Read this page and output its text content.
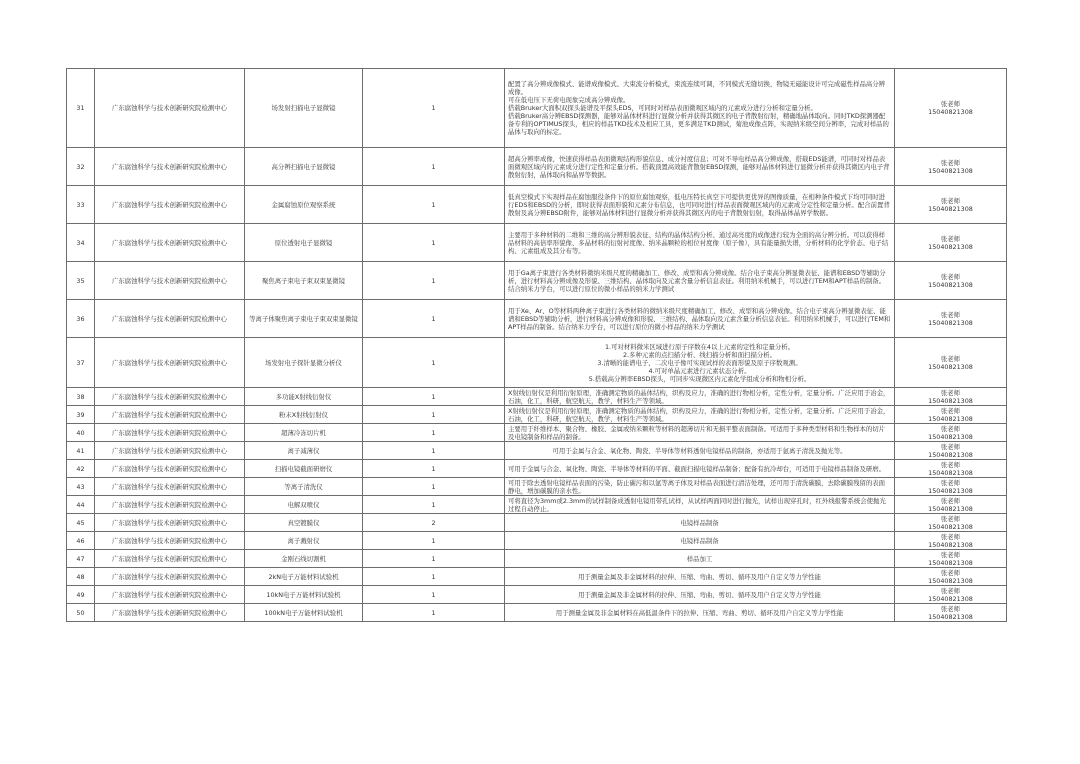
31	广东腐蚀科学与技术创新研究院检测中心	场发射扫描电子显微镜	1	配置了高分辨成像模式、能谱成像模式、大束流分析模式，束流连续可调，不同模式无缝切换，物镜无磁能设计可完成磁性样品高分辨成像。
可在低电压下无荷电现象完成高分辨成像。
搭载Bruker大面积双探头能谱及平探头EDS，可同时对样品表面微观区域内的元素成分进行分析和定量分析。
搭载Bruker高分辨EBSD探测器，能够对晶体材料进行显微分析并获得其微区的电子背散射衍射，精确地晶体取向。同时TKD探测器配备专利的OPTIMUS探头，相应的样品TKD技术及相应工具，更多满足TKD测试，菊池成像点阵，实现纳米级空间分辨率，完成对样品的晶体与取向的标定。	张老师
15040821308

32	广东腐蚀科学与技术创新研究院检测中心	高分辨扫描电子显微镜	1	超高分辨率成像，快速获得样品表面微观结构形貌信息、成分衬度信息；可对不导电样品高分辨成像，搭载EDS能谱，可同时对样品表面微观区域内的元素成分进行定性和定量分析。搭载顶置高效能背散射EBSD探测，能够对晶体材料进行显微分析并获得其微区内电子背散射衍射，晶体取向和晶界等数据。	张老师
15040821308

33	广东腐蚀科学与技术创新研究院检测中心	金属腐蚀原位观察系统	1	低真空模式下实现样品在腐蚀服役条件下的原位腐蚀观察，低电压特长真空下可提供更优异的图像质量，在相种条件模式下均可同时进行EDS和EBSD的分析，即时获得表面形貌和元素分布信息，也可同时进行样品表面微观区域内的元素成分定性和定量分析。配合前置背散射及高分辨EBSD附件，能够对晶体材料进行显微分析并获得其微区内的电子背散射衍射，取得晶体晶界学数据。	张老师
15040821308

34	广东腐蚀科学与技术创新研究院检测中心	原位透射电子显微镜	1	主要用于多种材料的二维和三维的高分辨形貌表征、结构的晶体结构分析、通过高亮度的成像进行较为全面的高分辨分析。可以获得样品材料的高倍率形貌像、多晶材料的衍射衬度像、纳米晶颗粒的相位衬度像（原子像），具有能量损失谱，分析材料的化学价态、电子结构、元素组成及其分布等。	张老师
15040821308

35	广东腐蚀科学与技术创新研究院检测中心	聚焦离子束电子束双束显微镜	1	用于Ga离子束进行各类材料微纳米级尺度的精确加工、修改、成型和高分辨成像。结合电子束高分辨显微表征、能谱和EBSD等辅助分析，进行材料高分辨成像及形貌、三维结构、晶体取向及元素含量分析信息表征。利用纳米机械手，可以进行TEM和APT样品的制备。结合纳米力学台，可以进行原位的微小样品的纳米力学测试	张老师
15040821308

36	广东腐蚀科学与技术创新研究院检测中心	等离子体聚焦离子束电子束双束显微镜	1	用于Xe、Ar、O等材料两种离子束进行各类材料的微纳米级尺度精确加工、修改、成型和高分辨成像。结合电子束高分辨显微表征、能谱和EBSD等辅助分析，进行材料高分辨成像和形貌、三维结构、晶体取向及元素含量分析信息表征。利用纳米机械手，可以进行TEM和APT样品的制备。结合纳米力学台，可以进行原位的微小样品的纳米力学测试	张老师
15040821308

37	广东腐蚀科学与技术创新研究院检测中心	场发射电子探针显微分析仪	1	1.可对材料微米区域进行原子序数在4以上元素的定性和定量分析。
2.多种元素的点扫描分析、线扫描分析和面扫描分析。
3.清晰的能谱电子、二次电子像可实现试样的表面形貌及原子序数观测。
4.可对单晶元素进行元素状态分析。
5.搭载高分辨率EBSD探头，可同步实现微区内元素化学组成分析和物相分析。	张老师
15040821308

38	广东腐蚀科学与技术创新研究院检测中心	多功能X射线衍射仪	1	X射线衍射仪是利用衍射原理，准确测定物质的晶体结构，织构及应力，准确的进行物相分析，定性分析，定量分析。广泛应用于冶金，石油，化工，科研，航空航天，教学，材料生产等领域。	张老师
15040821308

39	广东腐蚀科学与技术创新研究院检测中心	粉末X射线衍射仪	1	X射线衍射仪是利用衍射原理，准确测定物质的晶体结构，织构及应力，准确的进行物相分析，定性分析，定量分析。广泛应用于冶金，石油，化工，科研，航空航天，教学，材料生产等领域。	张老师
15040821308

40	广东腐蚀科学与技术创新研究院检测中心	超薄冷冻切片机	1	主要用于纤维样本、聚合物、橡胶、金属或纳米颗粒等材料的超薄切片和无损平整表面制备。可适用于多种类型材料和生物样本的切片及电镜制备和样品的制备。	张老师
15040821308

41	广东腐蚀科学与技术创新研究院检测中心	离子减薄仪	1	可用于金属与合金、氧化物、陶瓷、半导体等材料透射电镜样品的制备，亦适用于氩离子清洗及抛光等。	张老师
15040821308

42	广东腐蚀科学与技术创新研究院检测中心	扫描电镜截面研磨仪	1	可用于金属与合金、氧化物、陶瓷、半导体等材料的平面、截面扫描电镜样品制备；配备有抗冷却台，可适用于电镜样品制备及研磨。	张老师
15040821308

43	广东腐蚀科学与技术创新研究院检测中心	等离子清洗仪	1	可用于除去透射电镜样品表面的污染，防止碳污和以氩等离子体及对样品表面进行清洁处理，还可用于清洗碳膜，去除碳膜残留的表面静电，增加碳膜的亲水性。	张老师
15040821308

44	广东腐蚀科学与技术创新研究院检测中心	电解双喷仪	1	可将直径为3mm或2.3mm的试样制备成透射电镜用带孔试样，从试样两面同时进行抛光，试样出现穿孔时，红外线报警系统会使抛光过程自动停止。	张老师
15040821308

45	广东腐蚀科学与技术创新研究院检测中心	真空镀膜仪	2	电镜样品制备	张老师
15040821308

46	广东腐蚀科学与技术创新研究院检测中心	离子溅射仪	1	电镜样品制备	张老师
15040821308

47	广东腐蚀科学与技术创新研究院检测中心	金刚石线切割机	1	样品加工	张老师
15040821308

48	广东腐蚀科学与技术创新研究院检测中心	2kN电子万能材料试验机	1	用于测量金属及非金属材料的拉伸、压缩、弯曲、剪切、循环及用户自定义等力学性能	张老师
15040821308

49	广东腐蚀科学与技术创新研究院检测中心	10kN电子万能材料试验机	1	用于测量金属及非金属材料的拉伸、压缩、弯曲、剪切、循环及用户自定义等力学性能	张老师
15040821308

50	广东腐蚀科学与技术创新研究院检测中心	100kN电子万能材料试验机	1	用于测量金属及非金属材料在高低温条件下的拉伸、压缩、弯曲、剪切、循环及用户自定义等力学性能	张老师
15040821308
